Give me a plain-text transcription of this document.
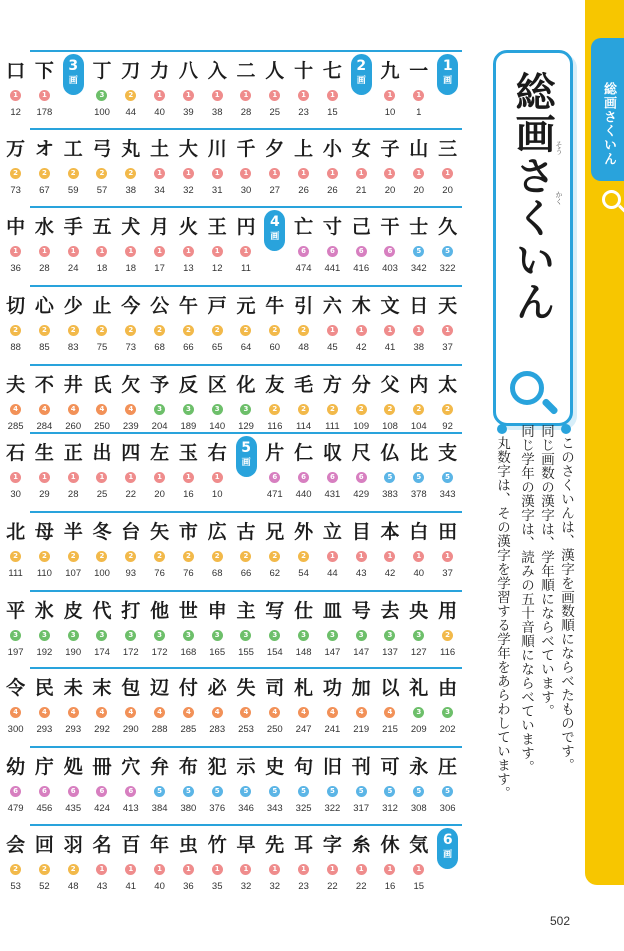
1
画
一
1
1
九
1
10
2
画
七
1
15
十
1
23
人
1
25
二
1
28
入
1
38
八
1
39
力
1
40
刀
2
44
丁
3
100
3
画
下
1
178
口
1
12
三
1
20
山
1
20
子
1
20
女
1
21
小
1
26
上
1
26
夕
1
27
千
1
30
川
1
31
大
1
32
土
1
34
丸
2
38
弓
2
57
工
2
59
オ
2
67
万
2
73
久
5
322
士
5
342
干
6
403
己
6
416
寸
6
441
亡
6
474
4
画
円
1
11
王
1
12
火
1
13
月
1
17
犬
1
18
五
1
18
手
1
24
水
1
28
中
1
36
天
1
37
日
1
38
文
1
41
木
1
42
六
1
45
引
2
48
牛
2
60
元
2
64
戸
2
65
午
2
66
公
2
68
今
2
73
止
2
75
少
2
83
心
2
85
切
2
88
太
2
92
内
2
104
父
2
108
分
2
109
方
2
111
毛
2
114
友
2
116
化
3
129
区
3
140
反
3
189
予
3
204
欠
4
239
氏
4
250
井
4
260
不
4
284
夫
4
285
支
5
343
比
5
378
仏
5
383
尺
6
429
収
6
431
仁
6
440
片
6
471
5
画
右
1
10
玉
1
16
左
1
20
四
1
22
出
1
25
正
1
28
生
1
29
石
1
30
田
1
37
白
1
40
本
1
42
目
1
43
立
1
44
外
2
54
兄
2
62
古
2
66
広
2
68
市
2
76
矢
2
76
台
2
93
冬
2
100
半
2
107
母
2
110
北
2
111
用
2
116
央
3
127
去
3
137
号
3
147
皿
3
147
仕
3
148
写
3
154
主
3
155
申
3
165
世
3
168
他
3
172
打
3
172
代
3
174
皮
3
190
氷
3
192
平
3
197
由
3
202
礼
3
209
以
4
215
加
4
219
功
4
241
札
4
247
司
4
250
失
4
253
必
4
283
付
4
285
辺
4
288
包
4
290
末
4
292
未
4
293
民
4
293
令
4
300
圧
5
306
永
5
308
可
5
312
刊
5
317
旧
5
322
句
5
325
史
5
343
示
5
346
犯
5
376
布
5
380
弁
5
384
穴
6
413
冊
6
424
処
6
435
庁
6
456
幼
6
479
6
画
気
1
15
休
1
16
糸
1
22
字
1
22
耳
1
23
先
1
32
早
1
32
竹
1
35
虫
1
36
年
1
40
百
1
41
名
1
43
羽
2
48
回
2
52
会
2
53
総画さくいん
総画さくいん そう
かく
このさくいんは、漢字を画数順にならべたものです。
同じ画数の漢字は、学年順にならべています。
同じ学年の漢字は、読みの五十音順にならべています。
丸数字は、その漢字を学習する学年をあらわしています。
502
